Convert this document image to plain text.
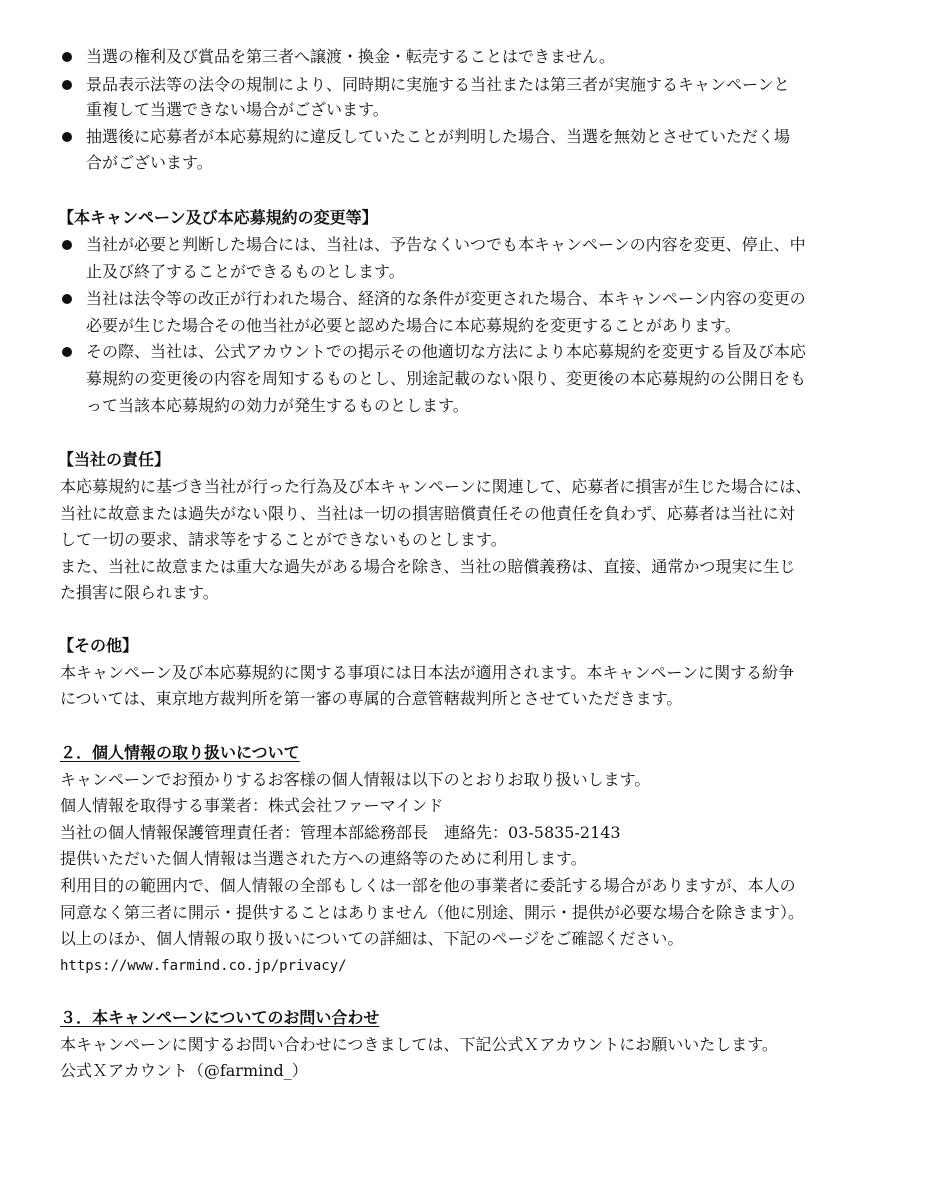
当選の権利及び賞品を第三者へ譲渡・換金・転売することはできません。
景品表示法等の法令の規制により、同時期に実施する当社または第三者が実施するキャンペーンと
重複して当選できない場合がございます。
抽選後に応募者が本応募規約に違反していたことが判明した場合、当選を無効とさせていただく場
合がございます。
【本キャンペーン及び本応募規約の変更等】
当社が必要と判断した場合には、当社は、予告なくいつでも本キャンペーンの内容を変更、停止、中
止及び終了することができるものとします。
当社は法令等の改正が行われた場合、経済的な条件が変更された場合、本キャンペーン内容の変更の
必要が生じた場合その他当社が必要と認めた場合に本応募規約を変更することがあります。
その際、当社は、公式アカウントでの掲示その他適切な方法により本応募規約を変更する旨及び本応
募規約の変更後の内容を周知するものとし、別途記載のない限り、変更後の本応募規約の公開日をも
って当該本応募規約の効力が発生するものとします。
【当社の責任】
本応募規約に基づき当社が行った行為及び本キャンペーンに関連して、応募者に損害が生じた場合には、
当社に故意または過失がない限り、当社は一切の損害賠償責任その他責任を負わず、応募者は当社に対
して一切の要求、請求等をすることができないものとします。
また、当社に故意または重大な過失がある場合を除き、当社の賠償義務は、直接、通常かつ現実に生じ
た損害に限られます。
【その他】
本キャンペーン及び本応募規約に関する事項には日本法が適用されます。本キャンペーンに関する紛争
については、東京地方裁判所を第一審の専属的合意管轄裁判所とさせていただきます。
２．個人情報の取り扱いについて
キャンペーンでお預かりするお客様の個人情報は以下のとおりお取り扱いします。
個人情報を取得する事業者：株式会社ファーマインド
当社の個人情報保護管理責任者：管理本部総務部長　連絡先：03-5835-2143
提供いただいた個人情報は当選された方への連絡等のために利用します。
利用目的の範囲内で、個人情報の全部もしくは一部を他の事業者に委託する場合がありますが、本人の
同意なく第三者に開示・提供することはありません（他に別途、開示・提供が必要な場合を除きます）。
以上のほか、個人情報の取り扱いについての詳細は、下記のページをご確認ください。
https://www.farmind.co.jp/privacy/
３．本キャンペーンについてのお問い合わせ
本キャンペーンに関するお問い合わせにつきましては、下記公式Ｘアカウントにお願いいたします。
公式Ｘアカウント（@farmind_）
